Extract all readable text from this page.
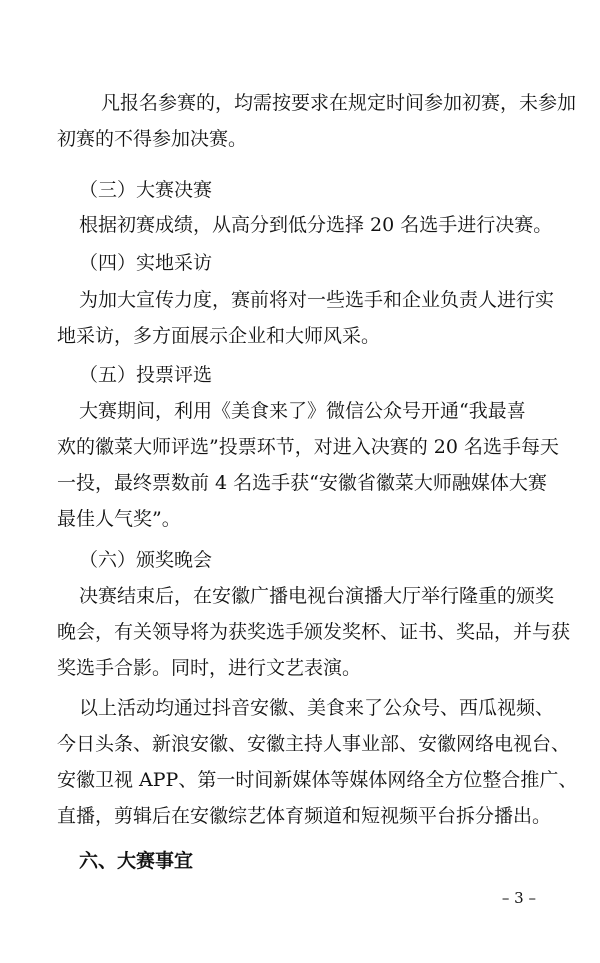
凡报名参赛的，均需按要求在规定时间参加初赛，未参加
初赛的不得参加决赛。
（三）大赛决赛
根据初赛成绩，从高分到低分选择 20 名选手进行决赛。
（四）实地采访
为加大宣传力度，赛前将对一些选手和企业负责人进行实
地采访，多方面展示企业和大师风采。
（五）投票评选
大赛期间，利用《美食来了》微信公众号开通“我最喜
欢的徽菜大师评选”投票环节，对进入决赛的 20 名选手每天
一投，最终票数前 4 名选手获“安徽省徽菜大师融媒体大赛
最佳人气奖”。
（六）颁奖晚会
决赛结束后，在安徽广播电视台演播大厅举行隆重的颁奖
晚会，有关领导将为获奖选手颁发奖杯、证书、奖品，并与获
奖选手合影。同时，进行文艺表演。
以上活动均通过抖音安徽、美食来了公众号、西瓜视频、
今日头条、新浪安徽、安徽主持人事业部、安徽网络电视台、
安徽卫视 APP、第一时间新媒体等媒体网络全方位整合推广、
直播，剪辑后在安徽综艺体育频道和短视频平台拆分播出。
六、大赛事宜
– 3 –
